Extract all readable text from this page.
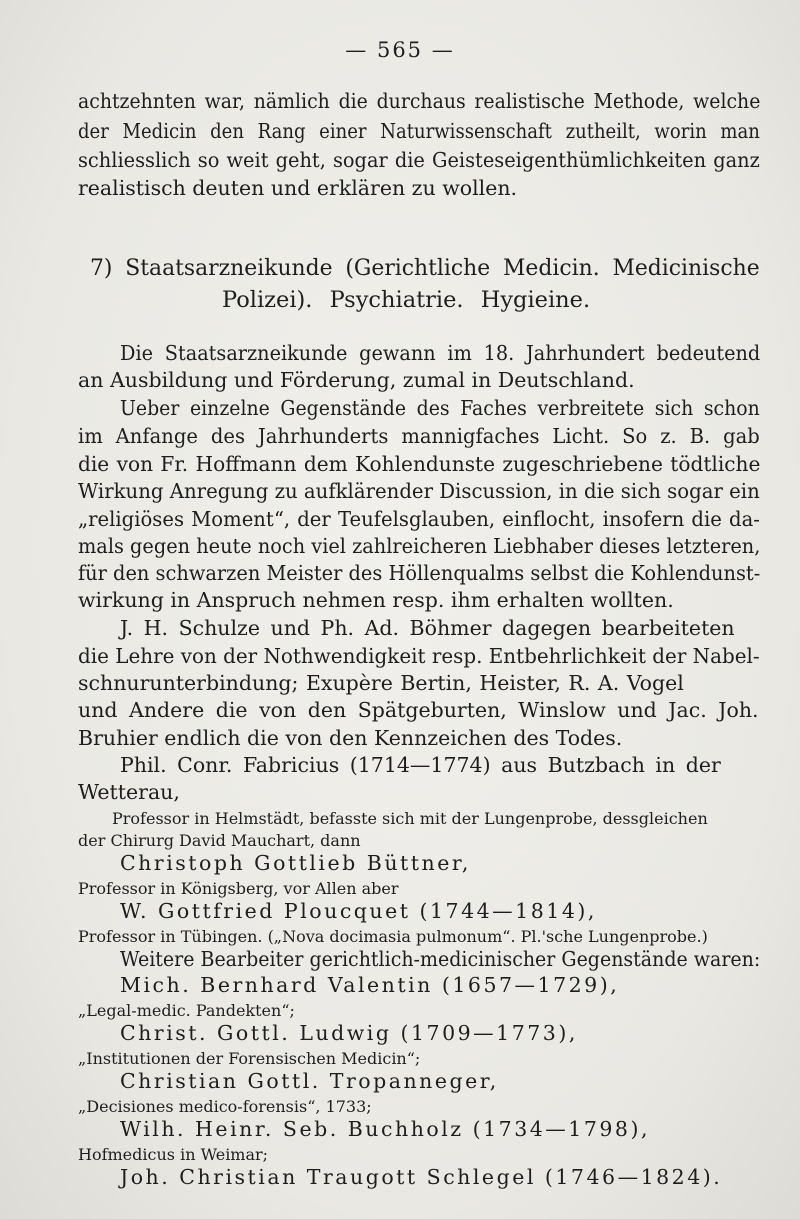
— 565 —
achtzehnten war, nämlich die durchaus realistische Methode, welche
der Medicin den Rang einer Naturwissenschaft zutheilt, worin man
schliesslich so weit geht, sogar die Geisteseigenthümlichkeiten ganz
realistisch deuten und erklären zu wollen.
7) Staatsarzneikunde (Gerichtliche Medicin. Medicinische
Polizei). Psychiatrie. Hygieine.
Die Staatsarzneikunde gewann im 18. Jahrhundert bedeutend
an Ausbildung und Förderung, zumal in Deutschland.
Ueber einzelne Gegenstände des Faches verbreitete sich schon
im Anfange des Jahrhunderts mannigfaches Licht. So z. B. gab
die von Fr. Hoffmann dem Kohlendunste zugeschriebene tödtliche
Wirkung Anregung zu aufklärender Discussion, in die sich sogar ein
„religiöses Moment“, der Teufelsglauben, einflocht, insofern die da-
mals gegen heute noch viel zahlreicheren Liebhaber dieses letzteren,
für den schwarzen Meister des Höllenqualms selbst die Kohlendunst-
wirkung in Anspruch nehmen resp. ihm erhalten wollten.
J. H. Schulze und Ph. Ad. Böhmer dagegen bearbeiteten
die Lehre von der Nothwendigkeit resp. Entbehrlichkeit der Nabel-
schnurunterbindung; Exupère Bertin, Heister, R. A. Vogel
und Andere die von den Spätgeburten, Winslow und Jac. Joh.
Bruhier endlich die von den Kennzeichen des Todes.
Phil. Conr. Fabricius (1714—1774) aus Butzbach in der
Wetterau,
Professor in Helmstädt, befasste sich mit der Lungenprobe, dessgleichen
der Chirurg David Mauchart, dann
Christoph Gottlieb Büttner,
Professor in Königsberg, vor Allen aber
W. Gottfried Ploucquet (1744—1814),
Professor in Tübingen. („Nova docimasia pulmonum“. Pl.'sche Lungenprobe.)
Weitere Bearbeiter gerichtlich-medicinischer Gegenstände waren:
Mich. Bernhard Valentin (1657—1729),
„Legal-medic. Pandekten“;
Christ. Gottl. Ludwig (1709—1773),
„Institutionen der Forensischen Medicin“;
Christian Gottl. Tropanneger,
„Decisiones medico-forensis“, 1733;
Wilh. Heinr. Seb. Buchholz (1734—1798),
Hofmedicus in Weimar;
Joh. Christian Traugott Schlegel (1746—1824).
